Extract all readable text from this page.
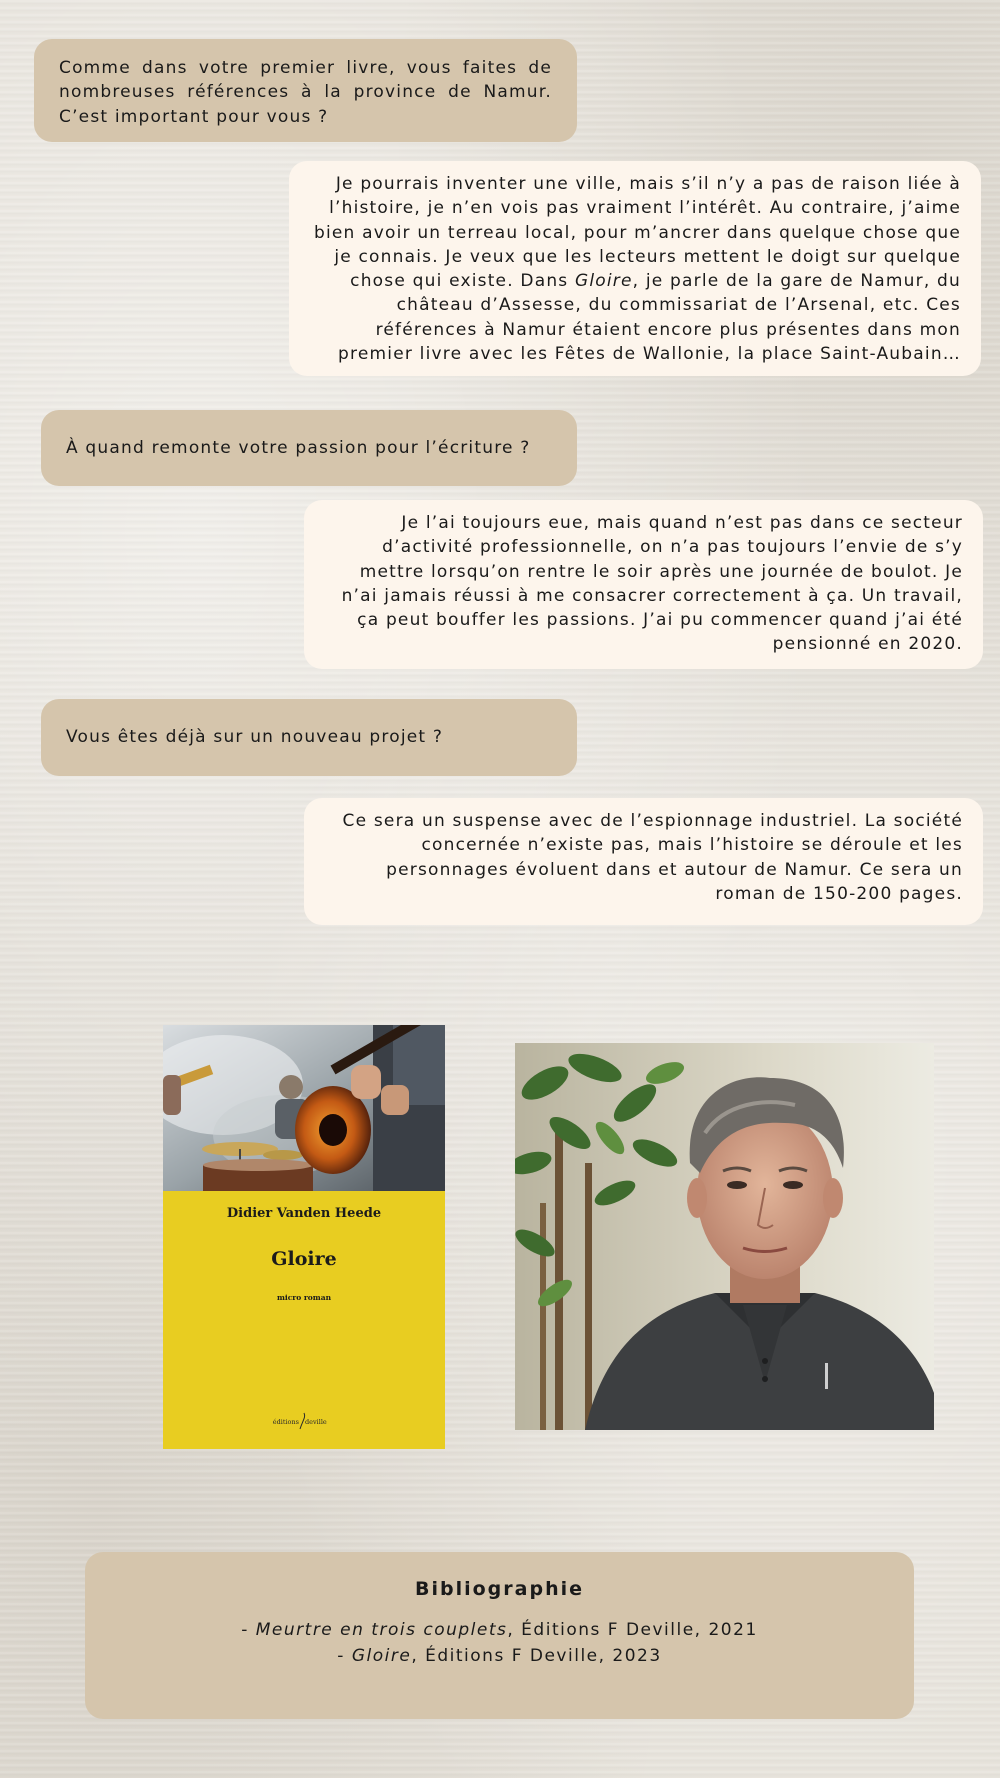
Comme dans votre premier livre, vous faites de nombreuses références à la province de Namur. C’est important pour vous ?
Je pourrais inventer une ville, mais s’il n’y a pas de raison liée à l’histoire, je n’en vois pas vraiment l’intérêt. Au contraire, j’aime bien avoir un terreau local, pour m’ancrer dans quelque chose que je connais. Je veux que les lecteurs mettent le doigt sur quelque chose qui existe. Dans Gloire, je parle de la gare de Namur, du château d’Assesse, du commissariat de l’Arsenal, etc. Ces références à Namur étaient encore plus présentes dans mon premier livre avec les Fêtes de Wallonie, la place Saint-Aubain…
À quand remonte votre passion pour l’écriture ?
Je l’ai toujours eue, mais quand n’est pas dans ce secteur d’activité professionnelle, on n’a pas toujours l’envie de s’y mettre lorsqu’on rentre le soir après une journée de boulot. Je n’ai jamais réussi à me consacrer correctement à ça. Un travail, ça peut bouffer les passions. J’ai pu commencer quand j’ai été pensionné en 2020.
Vous êtes déjà sur un nouveau projet ?
Ce sera un suspense avec de l’espionnage industriel. La société concernée n’existe pas, mais l’histoire se déroule et les personnages évoluent dans et autour de Namur. Ce sera un roman de 150-200 pages.
Didier Vanden Heede
Gloire
micro roman
éditions deville
Bibliographie
- Meurtre en trois couplets, Éditions F Deville, 2021
- Gloire, Éditions F Deville, 2023
